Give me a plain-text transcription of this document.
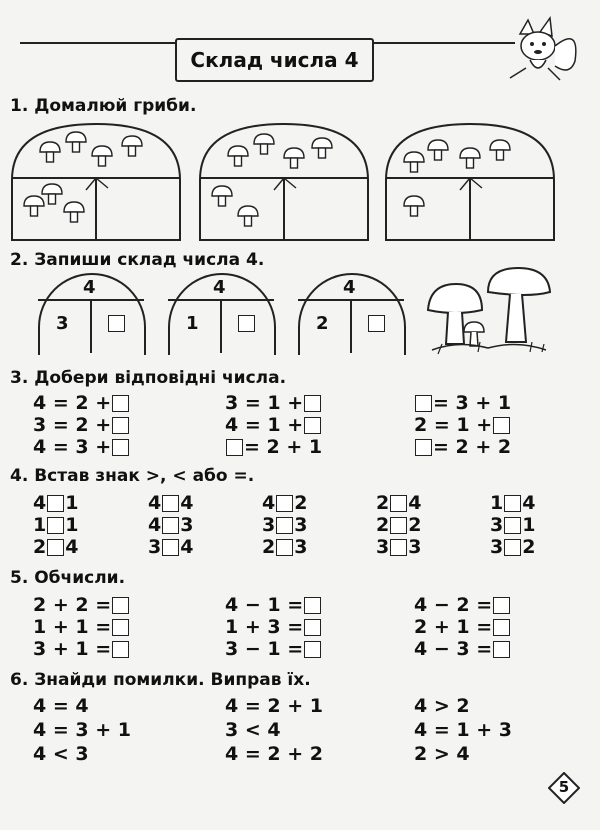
Склад числа 4
1. Домалюй гриби.
2. Запиши склад числа 4.
4
3
4
1
4
2
3. Добери відповідні числа.
4 = 2 +
3 = 2 +
4 = 3 +
3 = 1 +
4 = 1 +
= 2 + 1
= 3 + 1
2 = 1 +
= 2 + 2
4. Встав знак >, < або =.
4 1
1 1
2 4
4 4
4 3
3 4
4 2
3 3
2 3
2 4
2 2
3 3
1 4
3 1
3 2
5. Обчисли.
2 + 2 =
1 + 1 =
3 + 1 =
4 − 1 =
1 + 3 =
3 − 1 =
4 − 2 =
2 + 1 =
4 − 3 =
6. Знайди помилки. Виправ їх.
4 = 4
4 = 3 + 1
4 < 3
4 = 2 + 1
3 < 4
4 = 2 + 2
4 > 2
4 = 1 + 3
2 > 4
5
